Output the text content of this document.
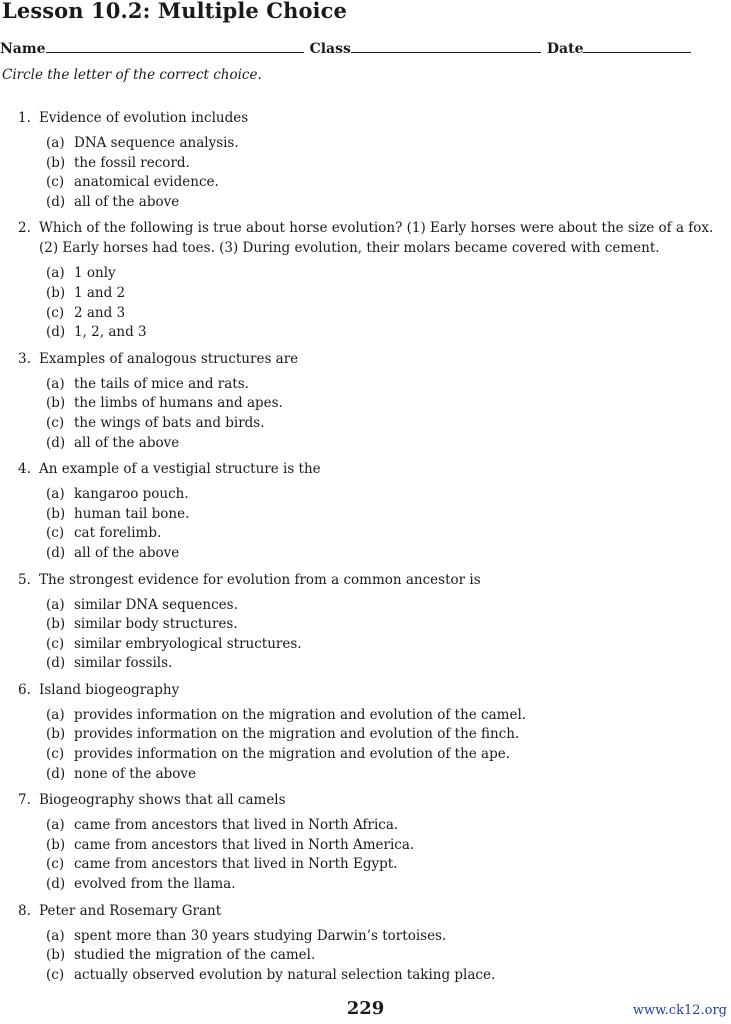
Lesson 10.2: Multiple Choice
Name	Class	Date
Circle the letter of the correct choice.
1. Evidence of evolution includes
(a) DNA sequence analysis.
(b) the fossil record.
(c) anatomical evidence.
(d) all of the above
2. Which of the following is true about horse evolution? (1) Early horses were about the size of a fox. (2) Early horses had toes. (3) During evolution, their molars became covered with cement.
(a) 1 only
(b) 1 and 2
(c) 2 and 3
(d) 1, 2, and 3
3. Examples of analogous structures are
(a) the tails of mice and rats.
(b) the limbs of humans and apes.
(c) the wings of bats and birds.
(d) all of the above
4. An example of a vestigial structure is the
(a) kangaroo pouch.
(b) human tail bone.
(c) cat forelimb.
(d) all of the above
5. The strongest evidence for evolution from a common ancestor is
(a) similar DNA sequences.
(b) similar body structures.
(c) similar embryological structures.
(d) similar fossils.
6. Island biogeography
(a) provides information on the migration and evolution of the camel.
(b) provides information on the migration and evolution of the finch.
(c) provides information on the migration and evolution of the ape.
(d) none of the above
7. Biogeography shows that all camels
(a) came from ancestors that lived in North Africa.
(b) came from ancestors that lived in North America.
(c) came from ancestors that lived in North Egypt.
(d) evolved from the llama.
8. Peter and Rosemary Grant
(a) spent more than 30 years studying Darwin’s tortoises.
(b) studied the migration of the camel.
(c) actually observed evolution by natural selection taking place.
229	www.ck12.org
